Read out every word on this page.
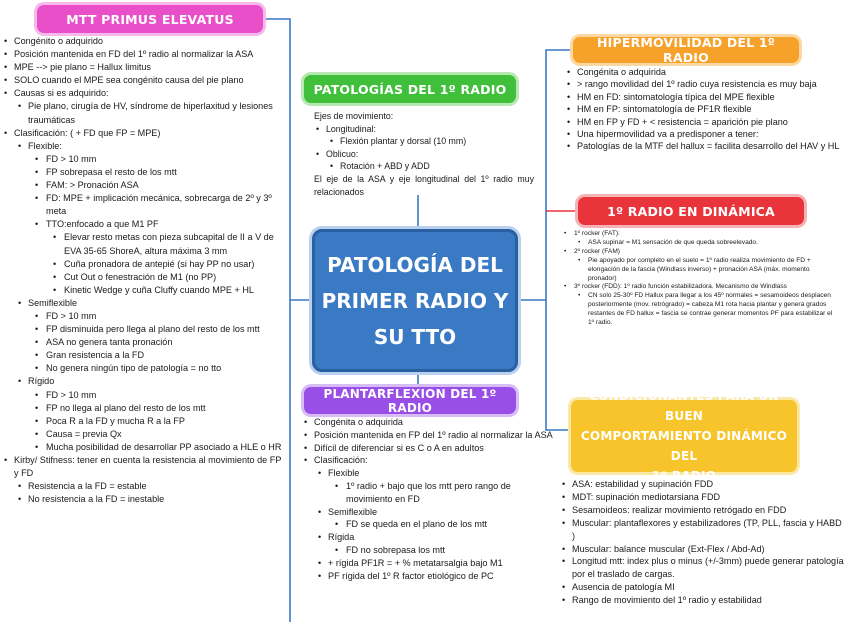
MTT PRIMUS ELEVATUS
PATOLOGÍAS DEL 1º RADIO
HIPERMOVILIDAD DEL 1º RADIO
1º RADIO EN DINÁMICA
PLANTARFLEXION DEL 1º RADIO
CONDICIONANTES PARA UN BUEN
COMPORTAMIENTO DINÁMICO DEL
1º RADIO
PATOLOGÍA DEL
PRIMER RADIO Y
SU TTO
• Congénito o adquirido
• Posición mantenida en FD del 1º radio al normalizar la ASA
• MPE --> pie plano = Hallux limitus
• SOLO cuando el MPE sea congénito causa del pie plano
• Causas si es adquirido:
• Pie plano, cirugía de HV, síndrome de hiperlaxitud y lesiones traumáticas
• Clasificación: ( + FD que FP = MPE)
• Flexible:
• FD > 10 mm
• FP sobrepasa el resto de los mtt
• FAM: > Pronación ASA
• FD: MPE + implicación mecánica, sobrecarga de 2º y 3º meta
• TTO:enfocado a que M1 PF
• Elevar resto metas con pieza subcapital de II a V de EVA 35-65 ShoreA, altura máxima 3 mm
• Cuña pronadora de antepié (si hay PP no usar)
• Cut Out o fenestración de M1 (no PP)
• Kinetic Wedge y cuña Cluffy cuando MPE + HL
• Semiflexible
• FD > 10 mm
• FP disminuida pero llega al plano del resto de los mtt
• ASA no genera tanta pronación
• Gran resistencia a la FD
• No genera ningún tipo de patología = no tto
• Rígido
• FD > 10 mm
• FP no llega al plano del resto de los mtt
• Poca R a la FD y mucha R a la FP
• Causa = previa Qx
• Mucha posibilidad de desarrollar PP asociado a HLE o HR
• Kirby/ Stifness: tener en cuenta la resistencia al movimiento de FP y FD
• Resistencia a la FD = estable
• No resistencia a la FD = inestable
Ejes de movimiento:
• Longitudinal:
• Flexión plantar y dorsal (10 mm)
• Oblicuo:
• Rotación + ABD y ADD
El eje de la ASA y eje longitudinal del 1º radio muy relacionados
• Congénita o adquirida
• > rango movilidad del 1º radio cuya resistencia es muy baja
• HM en FD: sintomatología típica del MPE flexible
• HM en FP: sintomatología de PF1R flexible
• HM en FP y FD + < resistencia = aparición pie plano
• Una hipermovilidad va a predisponer a tener:
• Patologías de la MTF del hallux = facilita desarrollo del HAV y HL
• 1º rocker (FAT):
• ASA supinar = M1 sensación de que queda sobreelevado.
• 2º rocker (FAM)
• Pie apoyado por completo en el suelo = 1º radio realiza movimiento de FD + elongación de la fascia (Windlass inverso) + pronación ASA (máx. momento pronador)
• 3º rocker (FDD): 1º radio función estabilizadora. Mecanismo de Windlass
• CN solo 25-30º FD Hallux para llegar a los 45º normales = sesamoideos desplacen posteriormente (mov. retrógrado) = cabeza M1 rota hacia plantar y genera grados restantes de FD hallux = fascia se contrae generar momentos PF para estabilizar el 1º radio.
• Congénita o adquirida
• Posición mantenida en FP del 1º radio al normalizar la ASA
• Difícil de diferenciar si es C o A en adultos
• Clasificación:
• Flexible
• 1º radio + bajo que los mtt pero rango de movimiento en FD
• Semiflexible
• FD se queda en el plano de los mtt
• Rígida
• FD no sobrepasa los mtt
• + rígida PF1R = + % metatarsalgia bajo M1
• PF rígida del 1º R factor etiológico de PC
• ASA: estabilidad y supinación FDD
• MDT: supinación mediotarsiana FDD
• Sesamoideos: realizar movimiento retrógado en FDD
• Muscular: plantaflexores y estabilizadores (TP, PLL, fascia y HABD )
• Muscular: balance muscular (Ext-Flex / Abd-Ad)
• Longitud mtt: index plus o minus (+/-3mm) puede generar patología por el traslado de cargas.
• Ausencia de patología MI
• Rango de movimiento del 1º radio y estabilidad
